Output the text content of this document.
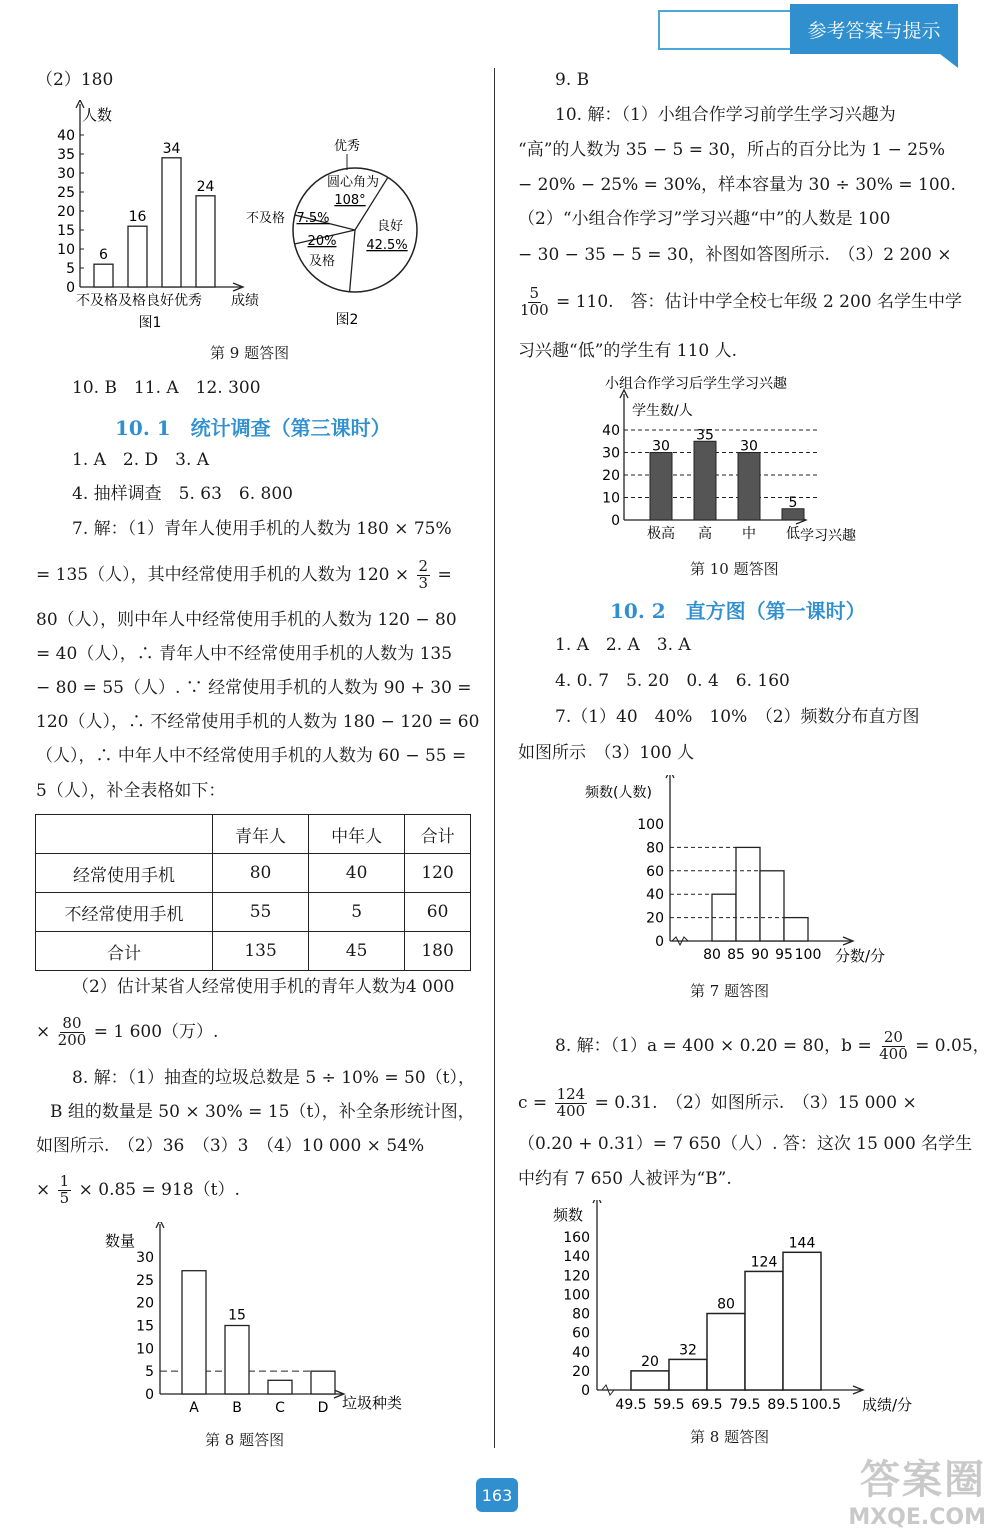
参考答案与提示
（2）180
人数
0
5
10
15
20
25
30
35
40
6
16
34
24
不及格及格良好优秀 成绩
图1
优秀
圆心角为
108°
良好
42.5%
20%
及格
不及格 7.5%
图2
第 9 题答图
10. B　11. A　12. 300
10. 1　统计调查（第三课时）
1. A　2. D　3. A
4. 抽样调查　5. 63　6. 800
7. 解：（1）青年人使用手机的人数为 180 × 75%
= 135（人），其中经常使用手机的人数为 $120 \times \frac{2}{3}$ =
80（人），则中年人中经常使用手机的人数为 120 − 80
= 40（人），∴ 青年人中不经常使用手机的人数为 135
− 80 = 55（人）. ∵ 经常使用手机的人数为 90 + 30 =
120（人），∴ 不经常使用手机的人数为 180 − 120 = 60
（人），∴ 中年人中不经常使用手机的人数为 60 − 55 =
5（人），补全表格如下：
	青年人	中年人	合计
经常使用手机	80	40	120
不经常使用手机	55	5	60
合计	135	45	180
（2）估计某省人经常使用手机的青年人数为4 000
× $\frac{80}{200} = 1$ 600（万）.
8. 解：（1）抽查的垃圾总数是 5 ÷ 10% = 50（t），
B 组的数量是 50 × 30% = 15（t），补全条形统计图，
如图所示.　（2）36　（3）3　（4）10 000 × 54%
× $\frac{1}{5} \times 0.85 = 918(t)$.
数量
0
5
10
15
20
25
30
A
15
B C D 垃圾种类
第 8 题答图
9. B
10. 解：（1）小组合作学习前学生学习兴趣为
“高”的人数为 35 − 5 = 30，所占的百分比为 1 − 25%
− 20% − 25% = 30%，样本容量为 30 ÷ 30% = 100.
（2）“小组合作学习”学习兴趣“中”的人数是 100
− 30 − 35 − 5 = 30，补图如答图所示.　（3）2 200 ×
$\frac{5}{100} = 110$.　答：估计中学全校七年级 2 200 名学生中学
习兴趣“低”的学生有 110 人.
小组合作学习后学生学习兴趣
学生数/人
0
10
20
30
40
30
极高
35
高
30
中
5
低 学习兴趣
第 10 题答图
10. 2　直方图（第一课时）
1. A　2. A　3. A
4. 0. 7　5. 20　0. 4　6. 160
7.（1）40　40%　10%　（2）频数分布直方图
如图所示　（3）100 人
频数(人数)
0
20
40
60
80
100
80 85 90 95 100 分数/分
第 7 题答图
8. 解：（1）a = 400 × 0.20 = 80，$b = \frac{20}{400} = 0.05$，
$c = \frac{124}{400} = 0.31$.　（2）如图所示.　（3）15 000 ×
（0.20 + 0.31）= 7 650（人）. 答：这次 15 000 名学生
中约有 7 650 人被评为“B”.
频数
0
20
40
60
80
100
120
140
160
20
32
80
124
144
49.5 59.5 69.5 79.5 89.5 100.5 成绩/分
第 8 题答图
163	答案圈
MXQE.COM
